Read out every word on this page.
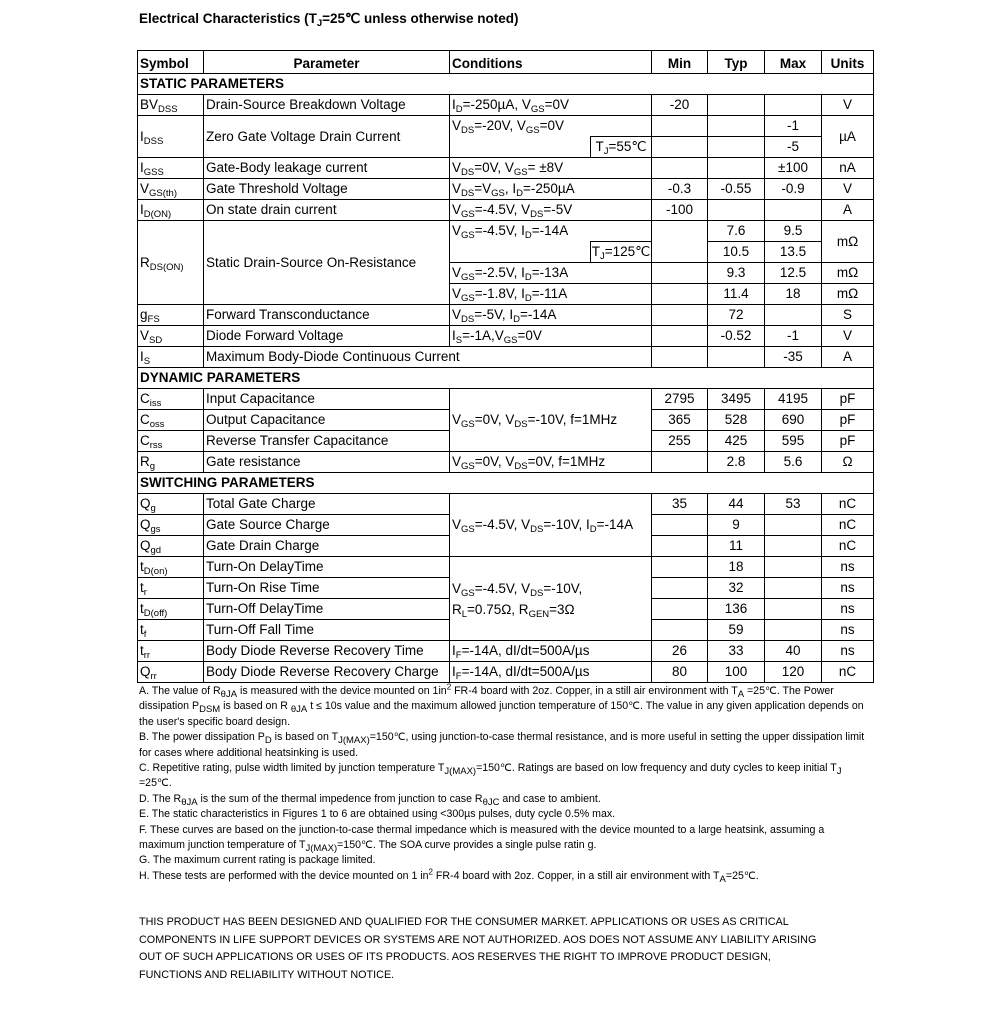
Electrical Characteristics ($T_J=25℃$ unless otherwise noted)
Symbol	Parameter	Conditions	Min	Typ	Max	Units
STATIC PARAMETERS						
$BV_{DSS}$	Drain-Source Breakdown Voltage	$I_D=-250\mu A$, $V_{GS}=0V$	-20			V
$I_{DSS}$	Zero Gate Voltage Drain Current	$V_{DS}=-20V$, $V_{GS}=0V$			-1	µA

		$T_J=55℃$			-5	
$I_{GSS}$	Gate-Body leakage current	$V_{DS}=0V$, $V_{GS}= \pm 8V$			±100	nA
$V_{GS(th)}$	Gate Threshold Voltage	$V_{DS}=V_{GS}$, $I_D=-250\mu A$	-0.3	-0.55	-0.9	V
$I_{D(ON)}$	On state drain current	$V_{GS}=-4.5V$, $V_{DS}=-5V$	-100			A
$R_{DS(ON)}$	Static Drain-Source On-Resistance	$V_{GS}=-4.5V$, $I_D=-14A$		7.6	9.5	mΩ

		$T_J=125℃$		10.5	13.5	
		$V_{GS}=-2.5V$, $I_D=-13A$		9.3	12.5	mΩ
		$V_{GS}=-1.8V$, $I_D=-11A$		11.4	18	mΩ
$g_{FS}$	Forward Transconductance	$V_{DS}=-5V$, $I_D=-14A$		72		S
$V_{SD}$	Diode Forward Voltage	$I_S=-1A,V_{GS}=0V$		-0.52	-1	V
$I_S$	Maximum Body-Diode Continuous Current				-35	A
DYNAMIC PARAMETERS						
$C_{iss}$	Input Capacitance	$V_{GS}=0V$, $V_{DS}=-10V$, f=1MHz	2795	3495	4195	pF
$C_{oss}$	Output Capacitance		365	528	690	pF
$C_{rss}$	Reverse Transfer Capacitance		255	425	595	pF
$R_g$	Gate resistance	$V_{GS}=0V$, $V_{DS}=0V$, f=1MHz		2.8	5.6	Ω
SWITCHING PARAMETERS						
$Q_g$	Total Gate Charge	$V_{GS}=-4.5V$, $V_{DS}=-10V$, $I_D=-14A$	35	44	53	nC
$Q_{gs}$	Gate Source Charge			9		nC
$Q_{gd}$	Gate Drain Charge			11		nC
$t_{D(on)}$	Turn-On DelayTime	$V_{GS}=-4.5V$, $V_{DS}=-10V$,
$R_L=0.75\Omega$, $R_{GEN}=3\Omega$		18		ns
$t_r$	Turn-On Rise Time			32		ns
$t_{D(off)}$	Turn-Off DelayTime			136		ns
$t_f$	Turn-Off Fall Time			59		ns
$t_{rr}$	Body Diode Reverse Recovery Time	$I_F=-14A$, dI/dt=500A/µs	26	33	40	ns
$Q_{rr}$	Body Diode Reverse Recovery Charge	$I_F=-14A$, dI/dt=500A/µs	80	100	120	nC
A. The value of $R_{\theta JA}$ is measured with the device mounted on $1in^2$ FR-4 board with 2oz. Copper, in a still air environment with $T_A$ =25℃. The Power dissipation $P_{DSM}$ is based on R $_{\theta JA}$ t ≤ 10s value and the maximum allowed junction temperature of 150℃. The value in any given application depends on the user's specific board design.
B. The power dissipation $P_D$ is based on $T_{J(MAX)}=150℃$, using junction-to-case thermal resistance, and is more useful in setting the upper dissipation limit for cases where additional heatsinking is used.
C. Repetitive rating, pulse width limited by junction temperature $T_{J(MAX)}=150℃$. Ratings are based on low frequency and duty cycles to keep initial $T_J$ =25℃.
D. The $R_{\theta JA}$ is the sum of the thermal impedence from junction to case $R_{\theta JC}$ and case to ambient.
E. The static characteristics in Figures 1 to 6 are obtained using <300µs pulses, duty cycle 0.5% max.
F. These curves are based on the junction-to-case thermal impedance which is measured with the device mounted to a large heatsink, assuming a maximum junction temperature of $T_{J(MAX)}=150℃$. The SOA curve provides a single pulse ratin g.
G. The maximum current rating is package limited.
H. These tests are performed with the device mounted on 1 $in^2$ FR-4 board with 2oz. Copper, in a still air environment with $T_A=25℃$.
THIS PRODUCT HAS BEEN DESIGNED AND QUALIFIED FOR THE CONSUMER MARKET. APPLICATIONS OR USES AS CRITICAL
COMPONENTS IN LIFE SUPPORT DEVICES OR SYSTEMS ARE NOT AUTHORIZED. AOS DOES NOT ASSUME ANY LIABILITY ARISING
OUT OF SUCH APPLICATIONS OR USES OF ITS PRODUCTS. AOS RESERVES THE RIGHT TO IMPROVE PRODUCT DESIGN,
FUNCTIONS AND RELIABILITY WITHOUT NOTICE.
